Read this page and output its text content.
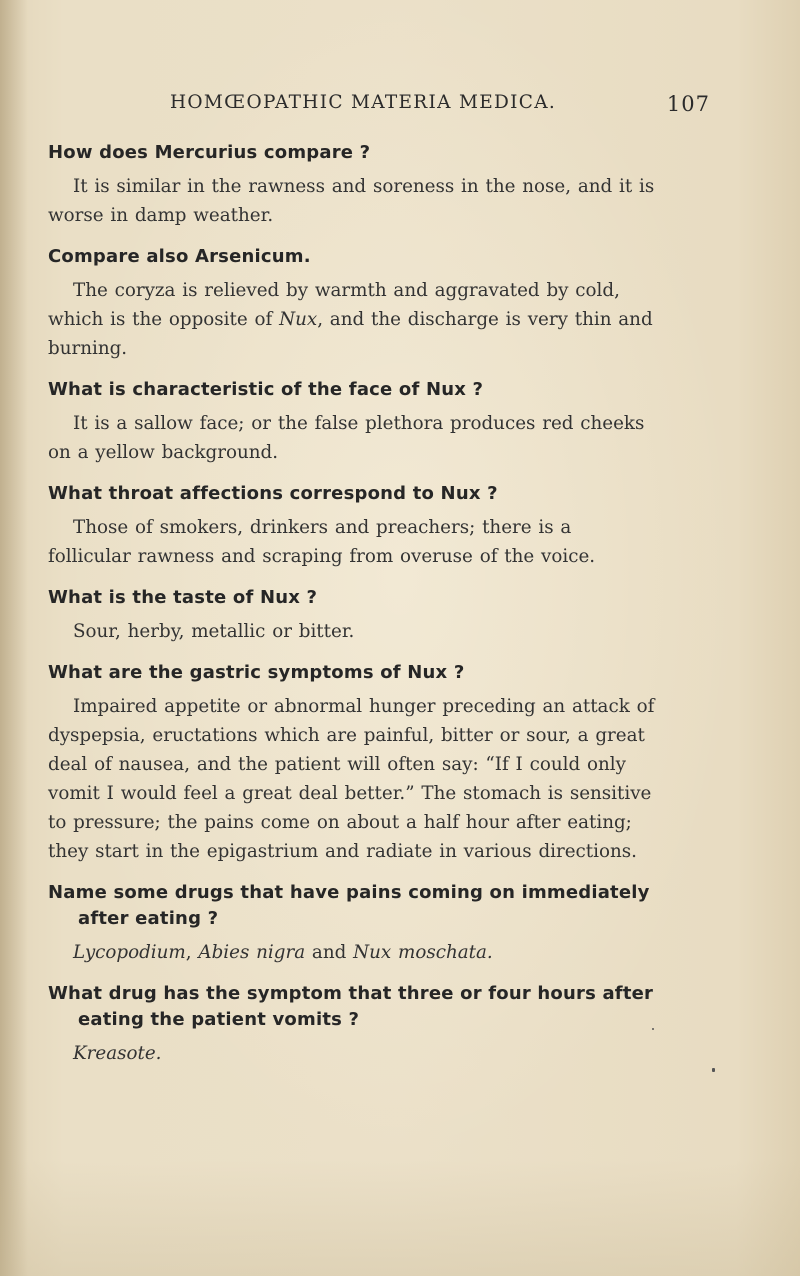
HOMŒOPATHIC MATERIA MEDICA.	107

How does Mercurius compare ?

It is similar in the rawness and soreness in the nose, and it is worse in damp weather.

Compare also Arsenicum.

The coryza is relieved by warmth and aggravated by cold, which is the opposite of Nux, and the discharge is very thin and burning.

What is characteristic of the face of Nux ?

It is a sallow face; or the false plethora produces red cheeks on a yellow background.

What throat affections correspond to Nux ?

Those of smokers, drinkers and preachers; there is a follicular rawness and scraping from overuse of the voice.

What is the taste of Nux ?

Sour, herby, metallic or bitter.

What are the gastric symptoms of Nux ?

Impaired appetite or abnormal hunger preceding an attack of dyspepsia, eructations which are painful, bitter or sour, a great deal of nausea, and the patient will often say: “If I could only vomit I would feel a great deal better.” The stomach is sensitive to pressure; the pains come on about a half hour after eating; they start in the epigastrium and radiate in various directions.

Name some drugs that have pains coming on immediately after eating ?

Lycopodium, Abies nigra and Nux moschata.

What drug has the symptom that three or four hours after eating the patient vomits ?

Kreasote.
